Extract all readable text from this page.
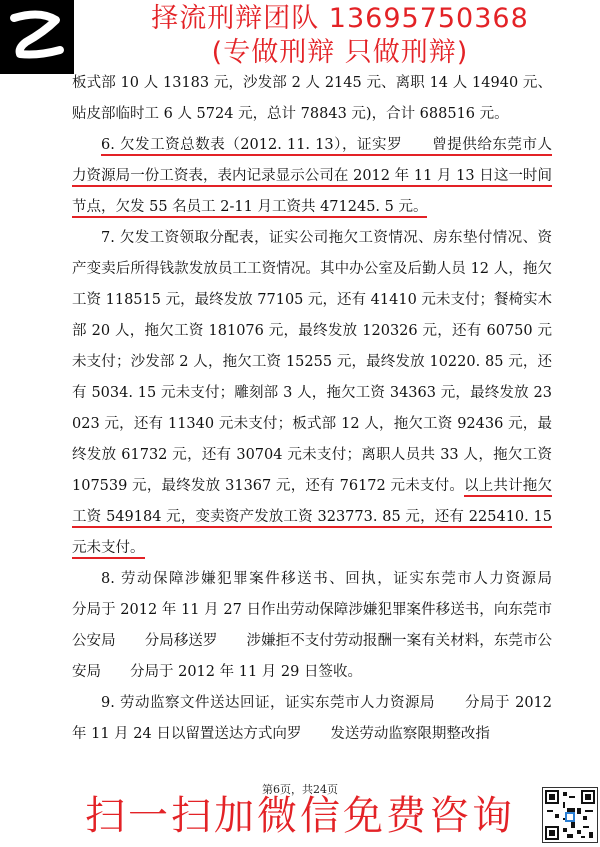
择流刑辩团队 13695750368
(专做刑辩 只做刑辩)

板式部 10 人 13183 元，沙发部 2 人 2145 元、离职 14 人 14940 元、贴皮部临时工 6 人 5724 元，总计 78843 元)，合计 688516 元。

6. 欠发工资总数表（2012. 11. 13），证实罗　　曾提供给东莞市人力资源局一份工资表，表内记录显示公司在 2012 年 11 月 13 日这一时间节点，欠发 55 名员工 2-11 月工资共 471245. 5 元。

7. 欠发工资领取分配表，证实公司拖欠工资情况、房东垫付情况、资产变卖后所得钱款发放员工工资情况。其中办公室及后勤人员 12 人，拖欠工资 118515 元，最终发放 77105 元，还有 41410 元未支付；餐椅实木部 20 人，拖欠工资 181076 元，最终发放 120326 元，还有 60750 元未支付；沙发部 2 人，拖欠工资 15255 元，最终发放 10220. 85 元，还有 5034. 15 元未支付；雕刻部 3 人，拖欠工资 34363 元，最终发放 23023 元，还有 11340 元未支付；板式部 12 人，拖欠工资 92436 元，最终发放 61732 元，还有 30704 元未支付；离职人员共 33 人，拖欠工资 107539 元，最终发放 31367 元，还有 76172 元未支付。以上共计拖欠工资 549184 元，变卖资产发放工资 323773. 85 元，还有 225410. 15 元未支付。

8. 劳动保障涉嫌犯罪案件移送书、回执，证实东莞市人力资源局　　分局于 2012 年 11 月 27 日作出劳动保障涉嫌犯罪案件移送书，向东莞市公安局　　分局移送罗　　涉嫌拒不支付劳动报酬一案有关材料，东莞市公安局　　分局于 2012 年 11 月 29 日签收。

9. 劳动监察文件送达回证，证实东莞市人力资源局　　分局于 2012 年 11 月 24 日以留置送达方式向罗　　发送劳动监察限期整改指

第6页，共24页
扫一扫加微信免费咨询
